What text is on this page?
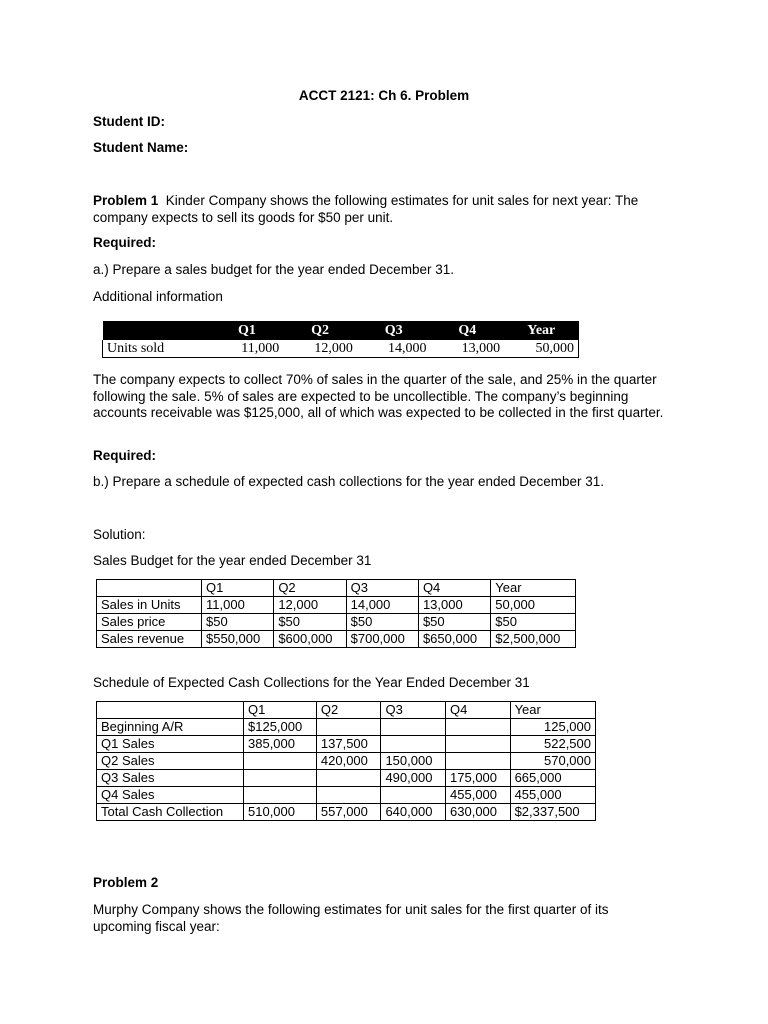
ACCT 2121: Ch 6. Problem
Student ID:
Student Name:
Problem 1 Kinder Company shows the following estimates for unit sales for next year: The company expects to sell its goods for $50 per unit.
Required:
a.) Prepare a sales budget for the year ended December 31.
Additional information
	Q1	Q2	Q3	Q4	Year
Units sold	11,000	12,000	14,000	13,000	50,000
The company expects to collect 70% of sales in the quarter of the sale, and 25% in the quarter following the sale. 5% of sales are expected to be uncollectible. The company’s beginning accounts receivable was $125,000, all of which was expected to be collected in the first quarter.
Required:
b.) Prepare a schedule of expected cash collections for the year ended December 31.
Solution:
Sales Budget for the year ended December 31
	Q1	Q2	Q3	Q4	Year
Sales in Units	11,000	12,000	14,000	13,000	50,000
Sales price	$50	$50	$50	$50	$50
Sales revenue	$550,000	$600,000	$700,000	$650,000	$2,500,000
Schedule of Expected Cash Collections for the Year Ended December 31
	Q1	Q2	Q3	Q4	Year
Beginning A/R	$125,000				125,000
Q1 Sales	385,000	137,500			522,500
Q2 Sales		420,000	150,000		570,000
Q3 Sales			490,000	175,000	665,000
Q4 Sales				455,000	455,000
Total Cash Collection	510,000	557,000	640,000	630,000	$2,337,500
Problem 2
Murphy Company shows the following estimates for unit sales for the first quarter of its upcoming fiscal year:
